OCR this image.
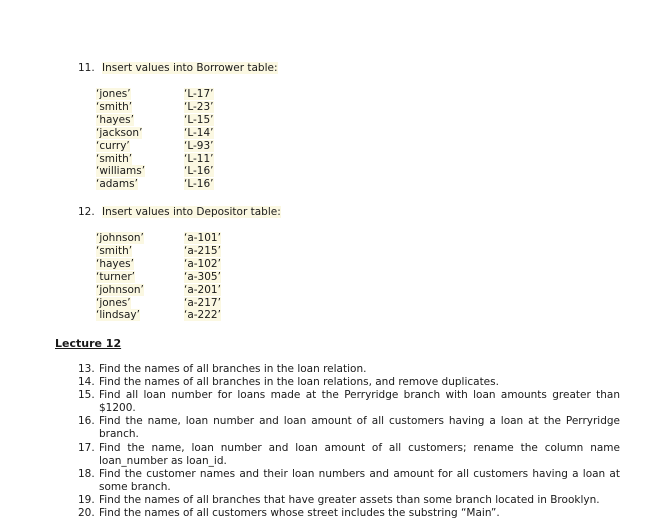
11. Insert values into Borrower table:
‘jones’	‘L-17’
‘smith’	‘L-23’
‘hayes’	‘L-15’
‘jackson’	‘L-14’
‘curry’	‘L-93’
‘smith’	‘L-11’
‘williams’	‘L-16’
‘adams’	‘L-16’
12. Insert values into Depositor table:
‘johnson’	‘a-101’
‘smith’	‘a-215’
‘hayes’	‘a-102’
‘turner’	‘a-305’
‘johnson’	‘a-201’
‘jones’	‘a-217’
‘lindsay’	‘a-222’
Lecture 12
13. Find the names of all branches in the loan relation.
14. Find the names of all branches in the loan relations, and remove duplicates.
15. Find all loan number for loans made at the Perryridge branch with loan amounts greater than $1200.
16. Find the name, loan number and loan amount of all customers having a loan at the Perryridge branch.
17. Find the name, loan number and loan amount of all customers; rename the column name loan_number as loan_id.
18. Find the customer names and their loan numbers and amount for all customers having a loan at some branch.
19. Find the names of all branches that have greater assets than some branch located in Brooklyn.
20. Find the names of all customers whose street includes the substring “Main”.
